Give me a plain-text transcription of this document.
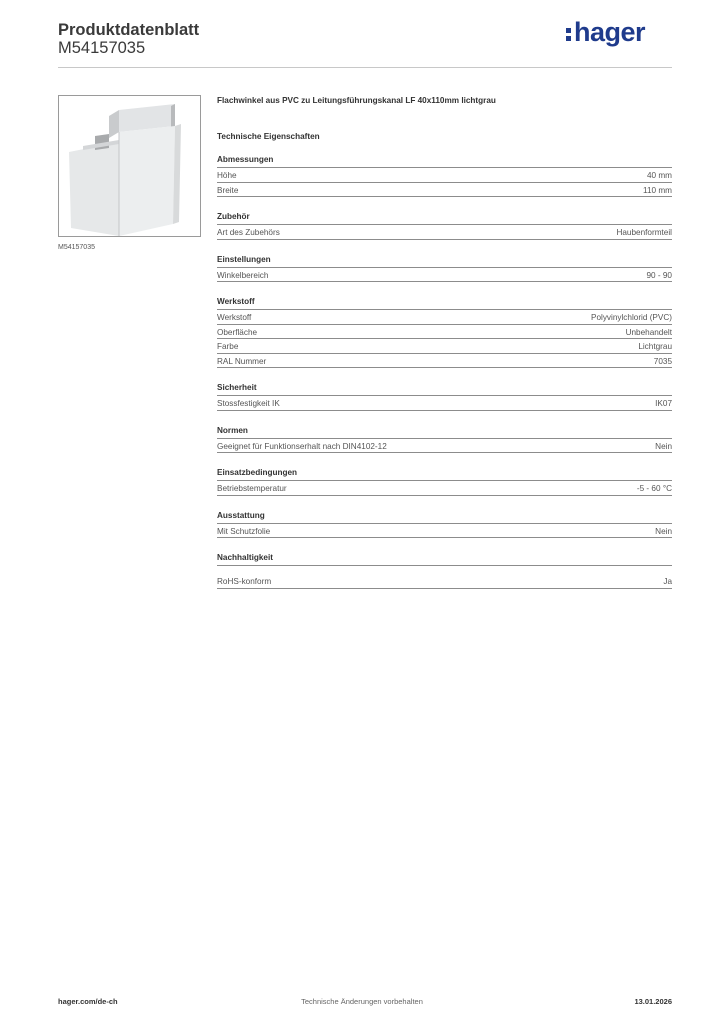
Produktdatenblatt
M54157035
hager
M54157035
Flachwinkel aus PVC zu Leitungsführungskanal LF 40x110mm lichtgrau
Technische Eigenschaften
Abmessungen
Höhe	40 mm
Breite	110 mm
Zubehör
Art des Zubehörs	Haubenformteil
Einstellungen
Winkelbereich	90 - 90
Werkstoff
Werkstoff	Polyvinylchlorid (PVC)
Oberfläche	Unbehandelt
Farbe	Lichtgrau
RAL Nummer	7035
Sicherheit
Stossfestigkeit IK	IK07
Normen
Geeignet für Funktionserhalt nach DIN4102-12	Nein
Einsatzbedingungen
Betriebstemperatur	-5 - 60 °C
Ausstattung
Mit Schutzfolie	Nein
Nachhaltigkeit
RoHS-konform	Ja
Technische Änderungen vorbehalten
hager.com/de-ch	13.01.2026
